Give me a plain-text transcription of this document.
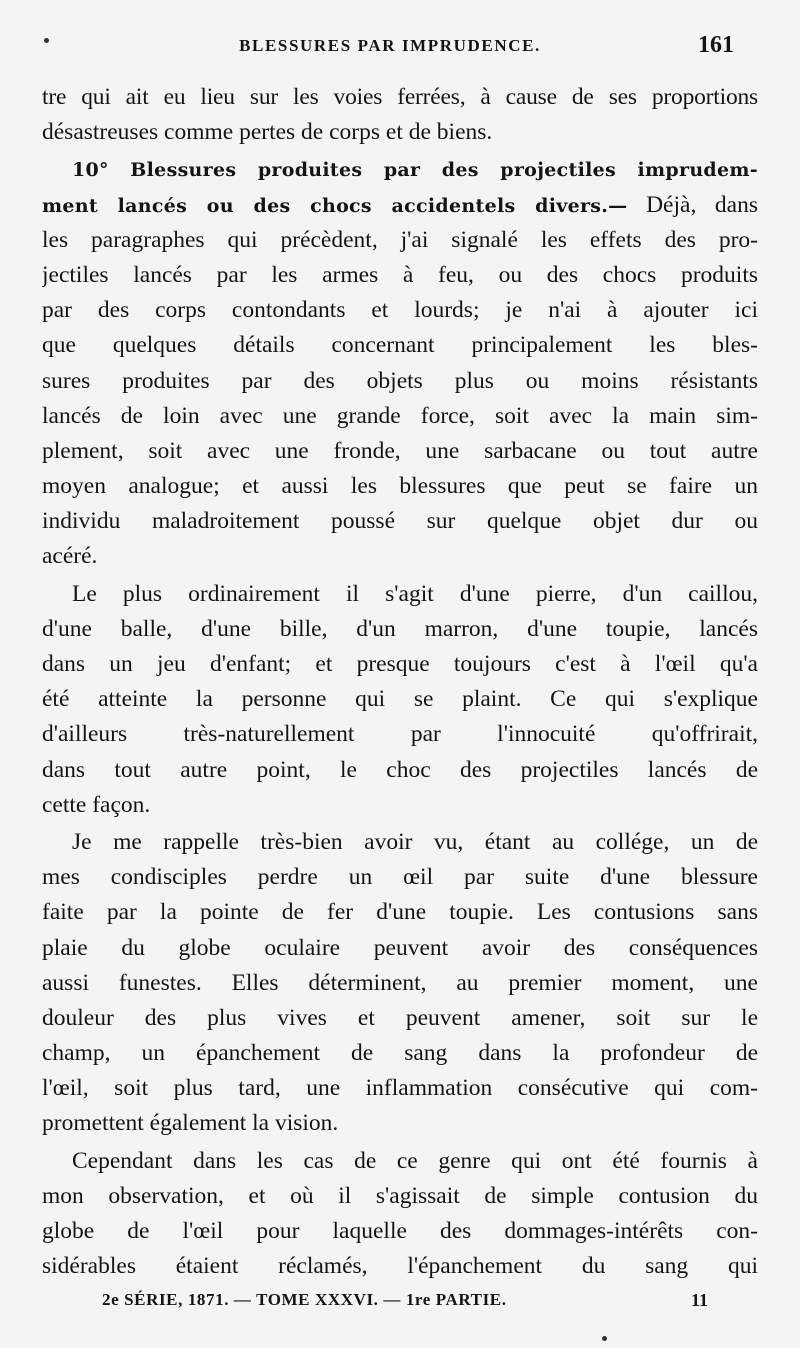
BLESSURES PAR IMPRUDENCE.	161
tre qui ait eu lieu sur les voies ferrées, à cause de ses proportions
désastreuses comme pertes de corps et de biens.
10° Blessures produites par des projectiles imprudem-
ment lancés ou des chocs accidentels divers.— Déjà, dans
les paragraphes qui précèdent, j'ai signalé les effets des pro-
jectiles lancés par les armes à feu, ou des chocs produits
par des corps contondants et lourds; je n'ai à ajouter ici
que quelques détails concernant principalement les bles-
sures produites par des objets plus ou moins résistants
lancés de loin avec une grande force, soit avec la main sim-
plement, soit avec une fronde, une sarbacane ou tout autre
moyen analogue; et aussi les blessures que peut se faire un
individu maladroitement poussé sur quelque objet dur ou
acéré.
Le plus ordinairement il s'agit d'une pierre, d'un caillou,
d'une balle, d'une bille, d'un marron, d'une toupie, lancés
dans un jeu d'enfant; et presque toujours c'est à l'œil qu'a
été atteinte la personne qui se plaint. Ce qui s'explique
d'ailleurs très-naturellement par l'innocuité qu'offrirait,
dans tout autre point, le choc des projectiles lancés de
cette façon.
Je me rappelle très-bien avoir vu, étant au collége, un de
mes condisciples perdre un œil par suite d'une blessure
faite par la pointe de fer d'une toupie. Les contusions sans
plaie du globe oculaire peuvent avoir des conséquences
aussi funestes. Elles déterminent, au premier moment, une
douleur des plus vives et peuvent amener, soit sur le
champ, un épanchement de sang dans la profondeur de
l'œil, soit plus tard, une inflammation consécutive qui com-
promettent également la vision.
Cependant dans les cas de ce genre qui ont été fournis à
mon observation, et où il s'agissait de simple contusion du
globe de l'œil pour laquelle des dommages-intérêts con-
sidérables étaient réclamés, l'épanchement du sang qui
2e SÉRIE, 1871. — TOME XXXVI. — 1re PARTIE.	11
